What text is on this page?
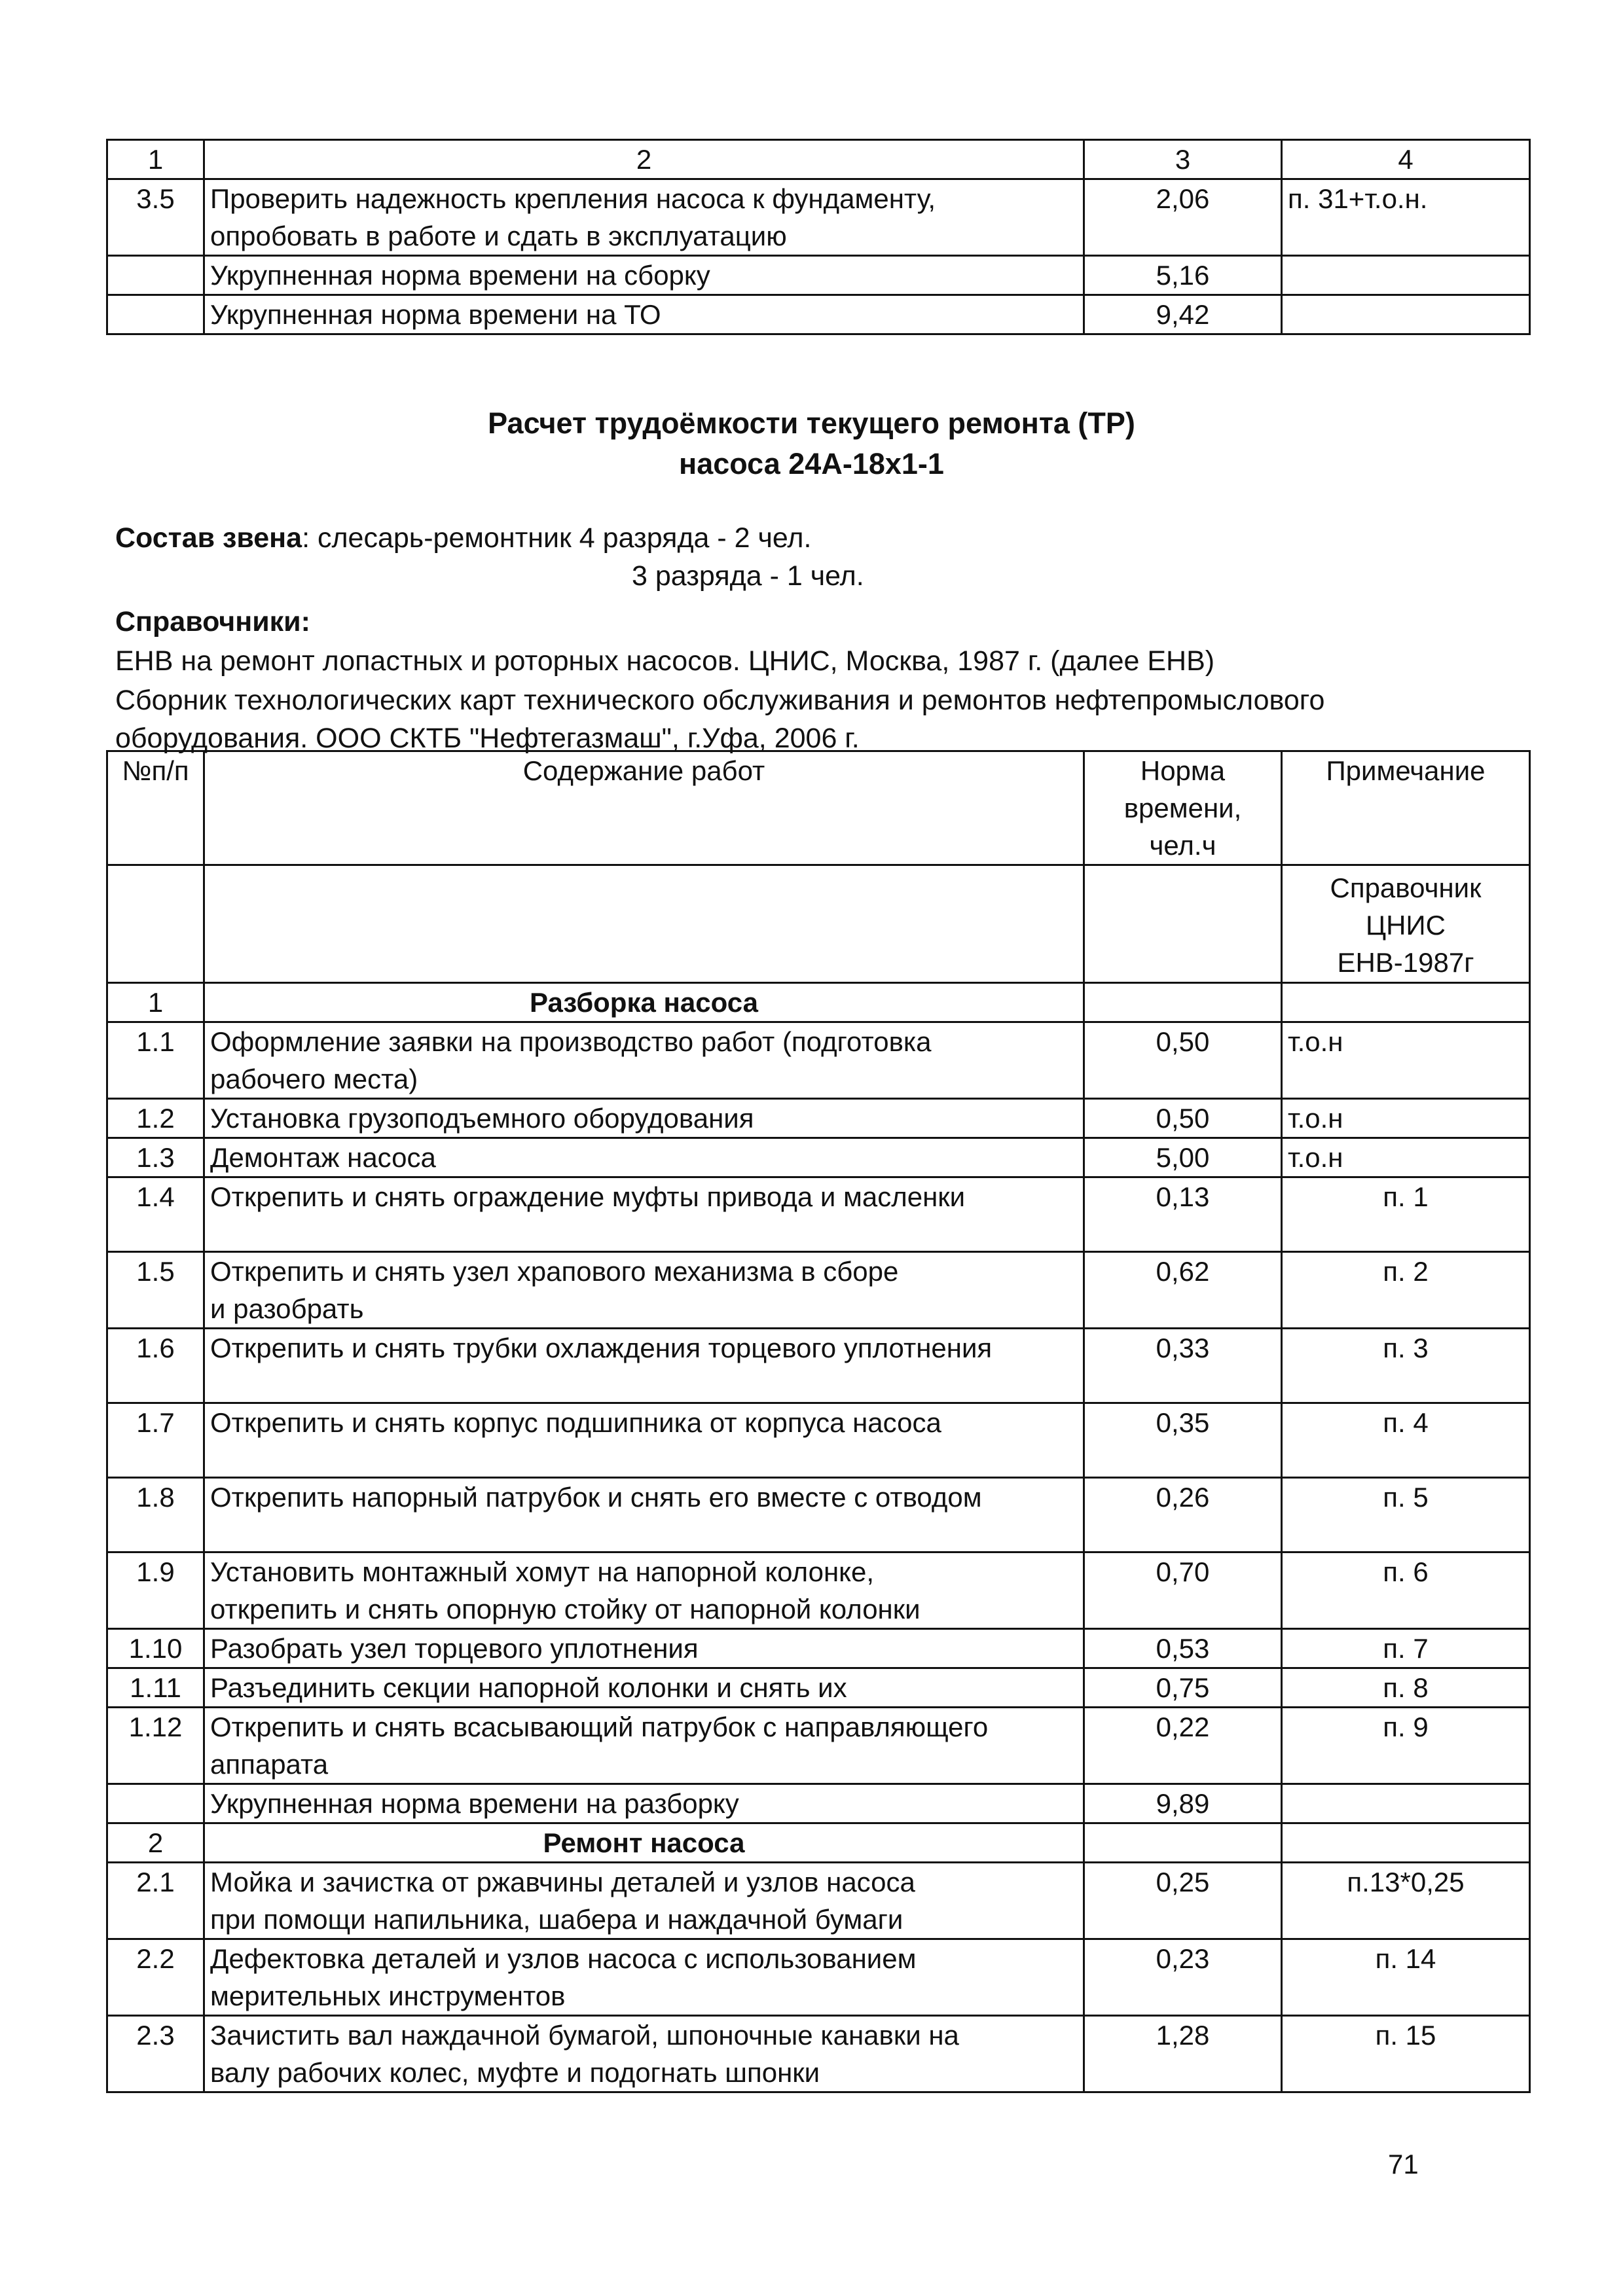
1	2	3	4
3.5	Проверить надежность крепления насоса к фундаменту,
опробовать в работе и сдать в эксплуатацию	2,06	п. 31+т.о.н.
	Укрупненная норма времени на сборку	5,16	
	Укрупненная норма времени на ТО	9,42	
Расчет трудоёмкости текущего ремонта (ТР)
насоса 24А-18х1-1
Состав звена: слесарь-ремонтник 4 разряда - 2 чел.
3 разряда - 1 чел.
Справочники:
ЕНВ на ремонт лопастных и роторных насосов. ЦНИС, Москва, 1987 г. (далее ЕНВ)
Сборник технологических карт технического обслуживания и ремонтов нефтепромыслового
оборудования. ООО СКТБ "Нефтегазмаш", г.Уфа, 2006 г.
№п/п	Содержание работ	Норма
времени,
чел.ч	Примечание
			Справочник
ЦНИС
ЕНВ-1987г
1	Разборка насоса		
1.1	Оформление заявки на производство работ (подготовка
рабочего места)	0,50	т.о.н
1.2	Установка грузоподъемного оборудования	0,50	т.о.н
1.3	Демонтаж насоса	5,00	т.о.н
1.4	Открепить и снять ограждение муфты привода и масленки	0,13	п. 1
1.5	Открепить и снять узел храпового механизма в сборе
и разобрать	0,62	п. 2
1.6	Открепить и снять трубки охлаждения торцевого уплотнения	0,33	п. 3
1.7	Открепить и снять корпус подшипника от корпуса насоса	0,35	п. 4
1.8	Открепить напорный патрубок и снять его вместе с отводом	0,26	п. 5
1.9	Установить монтажный хомут на напорной колонке,
открепить и снять опорную стойку от напорной колонки	0,70	п. 6
1.10	Разобрать узел торцевого уплотнения	0,53	п. 7
1.11	Разъединить секции напорной колонки и снять их	0,75	п. 8
1.12	Открепить и снять всасывающий патрубок с направляющего
аппарата	0,22	п. 9
	Укрупненная норма времени на разборку	9,89	
2	Ремонт насоса		
2.1	Мойка и зачистка от ржавчины деталей и узлов насоса
при помощи напильника, шабера и наждачной бумаги	0,25	п.13*0,25
2.2	Дефектовка деталей и узлов насоса с использованием
мерительных инструментов	0,23	п. 14
2.3	Зачистить вал наждачной бумагой, шпоночные канавки на
валу рабочих колес, муфте и подогнать шпонки	1,28	п. 15
71
